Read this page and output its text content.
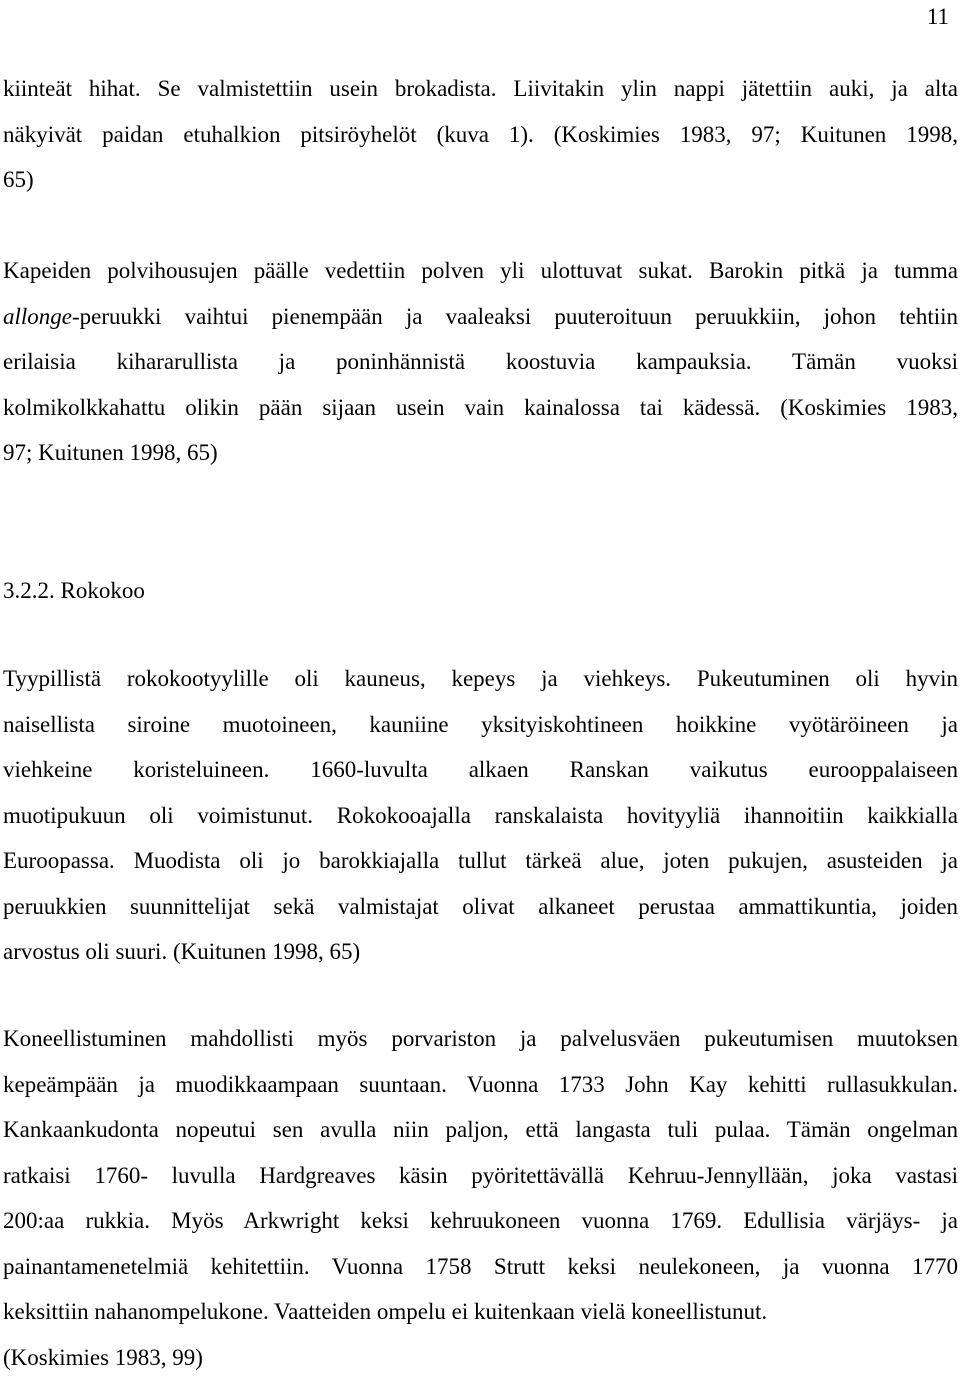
11
kiinteät hihat. Se valmistettiin usein brokadista. Liivitakin ylin nappi jätettiin auki, ja alta
näkyivät paidan etuhalkion pitsiröyhelöt (kuva 1). (Koskimies 1983, 97; Kuitunen 1998,
65)
Kapeiden polvihousujen päälle vedettiin polven yli ulottuvat sukat. Barokin pitkä ja tumma
allonge-peruukki vaihtui pienempään ja vaaleaksi puuteroituun peruukkiin, johon tehtiin
erilaisia kihararullista ja poninhännistä koostuvia kampauksia. Tämän vuoksi
kolmikolkkahattu olikin pään sijaan usein vain kainalossa tai kädessä. (Koskimies 1983,
97; Kuitunen 1998, 65)
3.2.2. Rokokoo
Tyypillistä rokokootyylille oli kauneus, kepeys ja viehkeys. Pukeutuminen oli hyvin
naisellista siroine muotoineen, kauniine yksityiskohtineen hoikkine vyötäröineen ja
viehkeine koristeluineen. 1660-luvulta alkaen Ranskan vaikutus eurooppalaiseen
muotipukuun oli voimistunut. Rokokooajalla ranskalaista hovityyliä ihannoitiin kaikkialla
Euroopassa. Muodista oli jo barokkiajalla tullut tärkeä alue, joten pukujen, asusteiden ja
peruukkien suunnittelijat sekä valmistajat olivat alkaneet perustaa ammattikuntia, joiden
arvostus oli suuri. (Kuitunen 1998, 65)
Koneellistuminen mahdollisti myös porvariston ja palvelusväen pukeutumisen muutoksen
kepeämpään ja muodikkaampaan suuntaan. Vuonna 1733 John Kay kehitti rullasukkulan.
Kankaankudonta nopeutui sen avulla niin paljon, että langasta tuli pulaa. Tämän ongelman
ratkaisi 1760- luvulla Hardgreaves käsin pyöritettävällä Kehruu-Jennyllään, joka vastasi
200:aa rukkia. Myös Arkwright keksi kehruukoneen vuonna 1769. Edullisia värjäys- ja
painantamenetelmiä kehitettiin. Vuonna 1758 Strutt keksi neulekoneen, ja vuonna 1770
keksittiin nahanompelukone. Vaatteiden ompelu ei kuitenkaan vielä koneellistunut.
(Koskimies 1983, 99)
